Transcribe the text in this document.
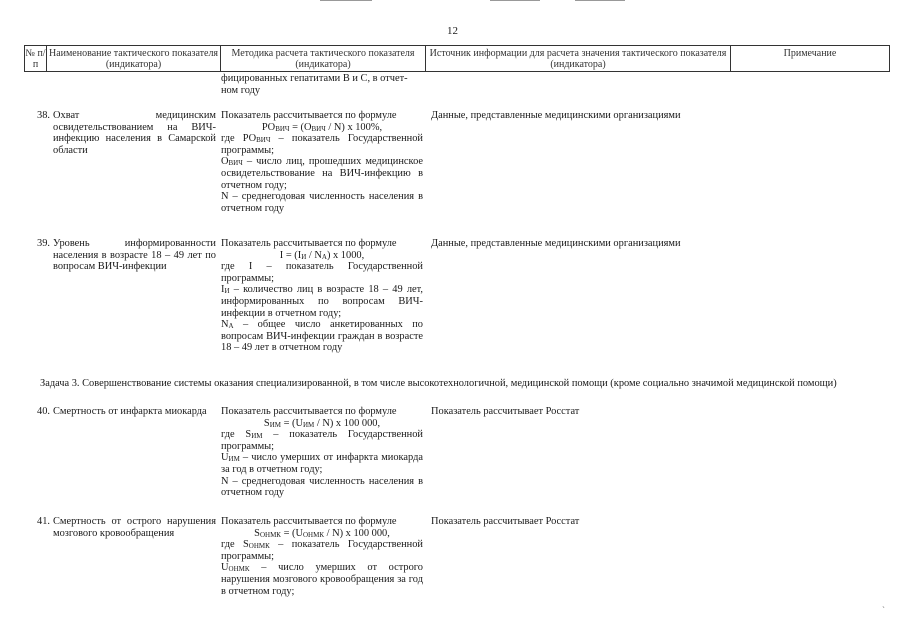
12
№ п/п
Наименование тактического показателя (индикатора)
Методика расчета тактического показателя (индикатора)
Источник информации для расчета значения тактического показателя (индикатора)
Примечание
фицированных гепатитами В и С, в отчет-
ном году
38. Охват медицинским освидетельствованием на ВИЧ-инфекцию населения в Самарской области
Показатель рассчитывается по формуле
$PO_{ВИЧ} = (O_{ВИЧ} / N)$ x 100%,
где $PO_{ВИЧ}$ – показатель Государственной программы;
$O_{ВИЧ}$ – число лиц, прошедших медицинское освидетельствование на ВИЧ-инфекцию в отчетном году;
N – среднегодовая численность населения в отчетном году
Данные, представленные медицинскими организациями
39. Уровень информированности населения в возрасте 18 – 49 лет по вопросам ВИЧ-инфекции
Показатель рассчитывается по формуле
$I = (I_И / N_А)$ x 1000,
где I – показатель Государственной программы;
$I_И$ – количество лиц в возрасте 18 – 49 лет, информированных по вопросам ВИЧ-инфекции в отчетном году;
$N_А$ – общее число анкетированных по вопросам ВИЧ-инфекции граждан в возрасте 18 – 49 лет в отчетном году
Данные, представленные медицинскими организациями
Задача 3. Совершенствование системы оказания специализированной, в том числе высокотехнологичной, медицинской помощи (кроме социально значимой медицинской помощи)
40. Смертность от инфаркта миокарда	Показатель рассчитывается по формуле
$S_{ИМ} = (U_{ИМ} / N)$ x 100 000,
где $S_{ИМ}$ – показатель Государственной программы;
$U_{ИМ}$ – число умерших от инфаркта миокарда за год в отчетном году;
N – среднегодовая численность населения в отчетном году
Показатель рассчитывает Росстат
41. Смертность от острого нарушения мозгового кровообращения
Показатель рассчитывается по формуле
$S_{ОНМК} = (U_{ОНМК} / N)$ x 100 000,
где $S_{ОНМК}$ – показатель Государственной программы;
$U_{ОНМК}$ – число умерших от острого нарушения мозгового кровообращения за год в отчетном году;
Показатель рассчитывает Росстат
ˎ
